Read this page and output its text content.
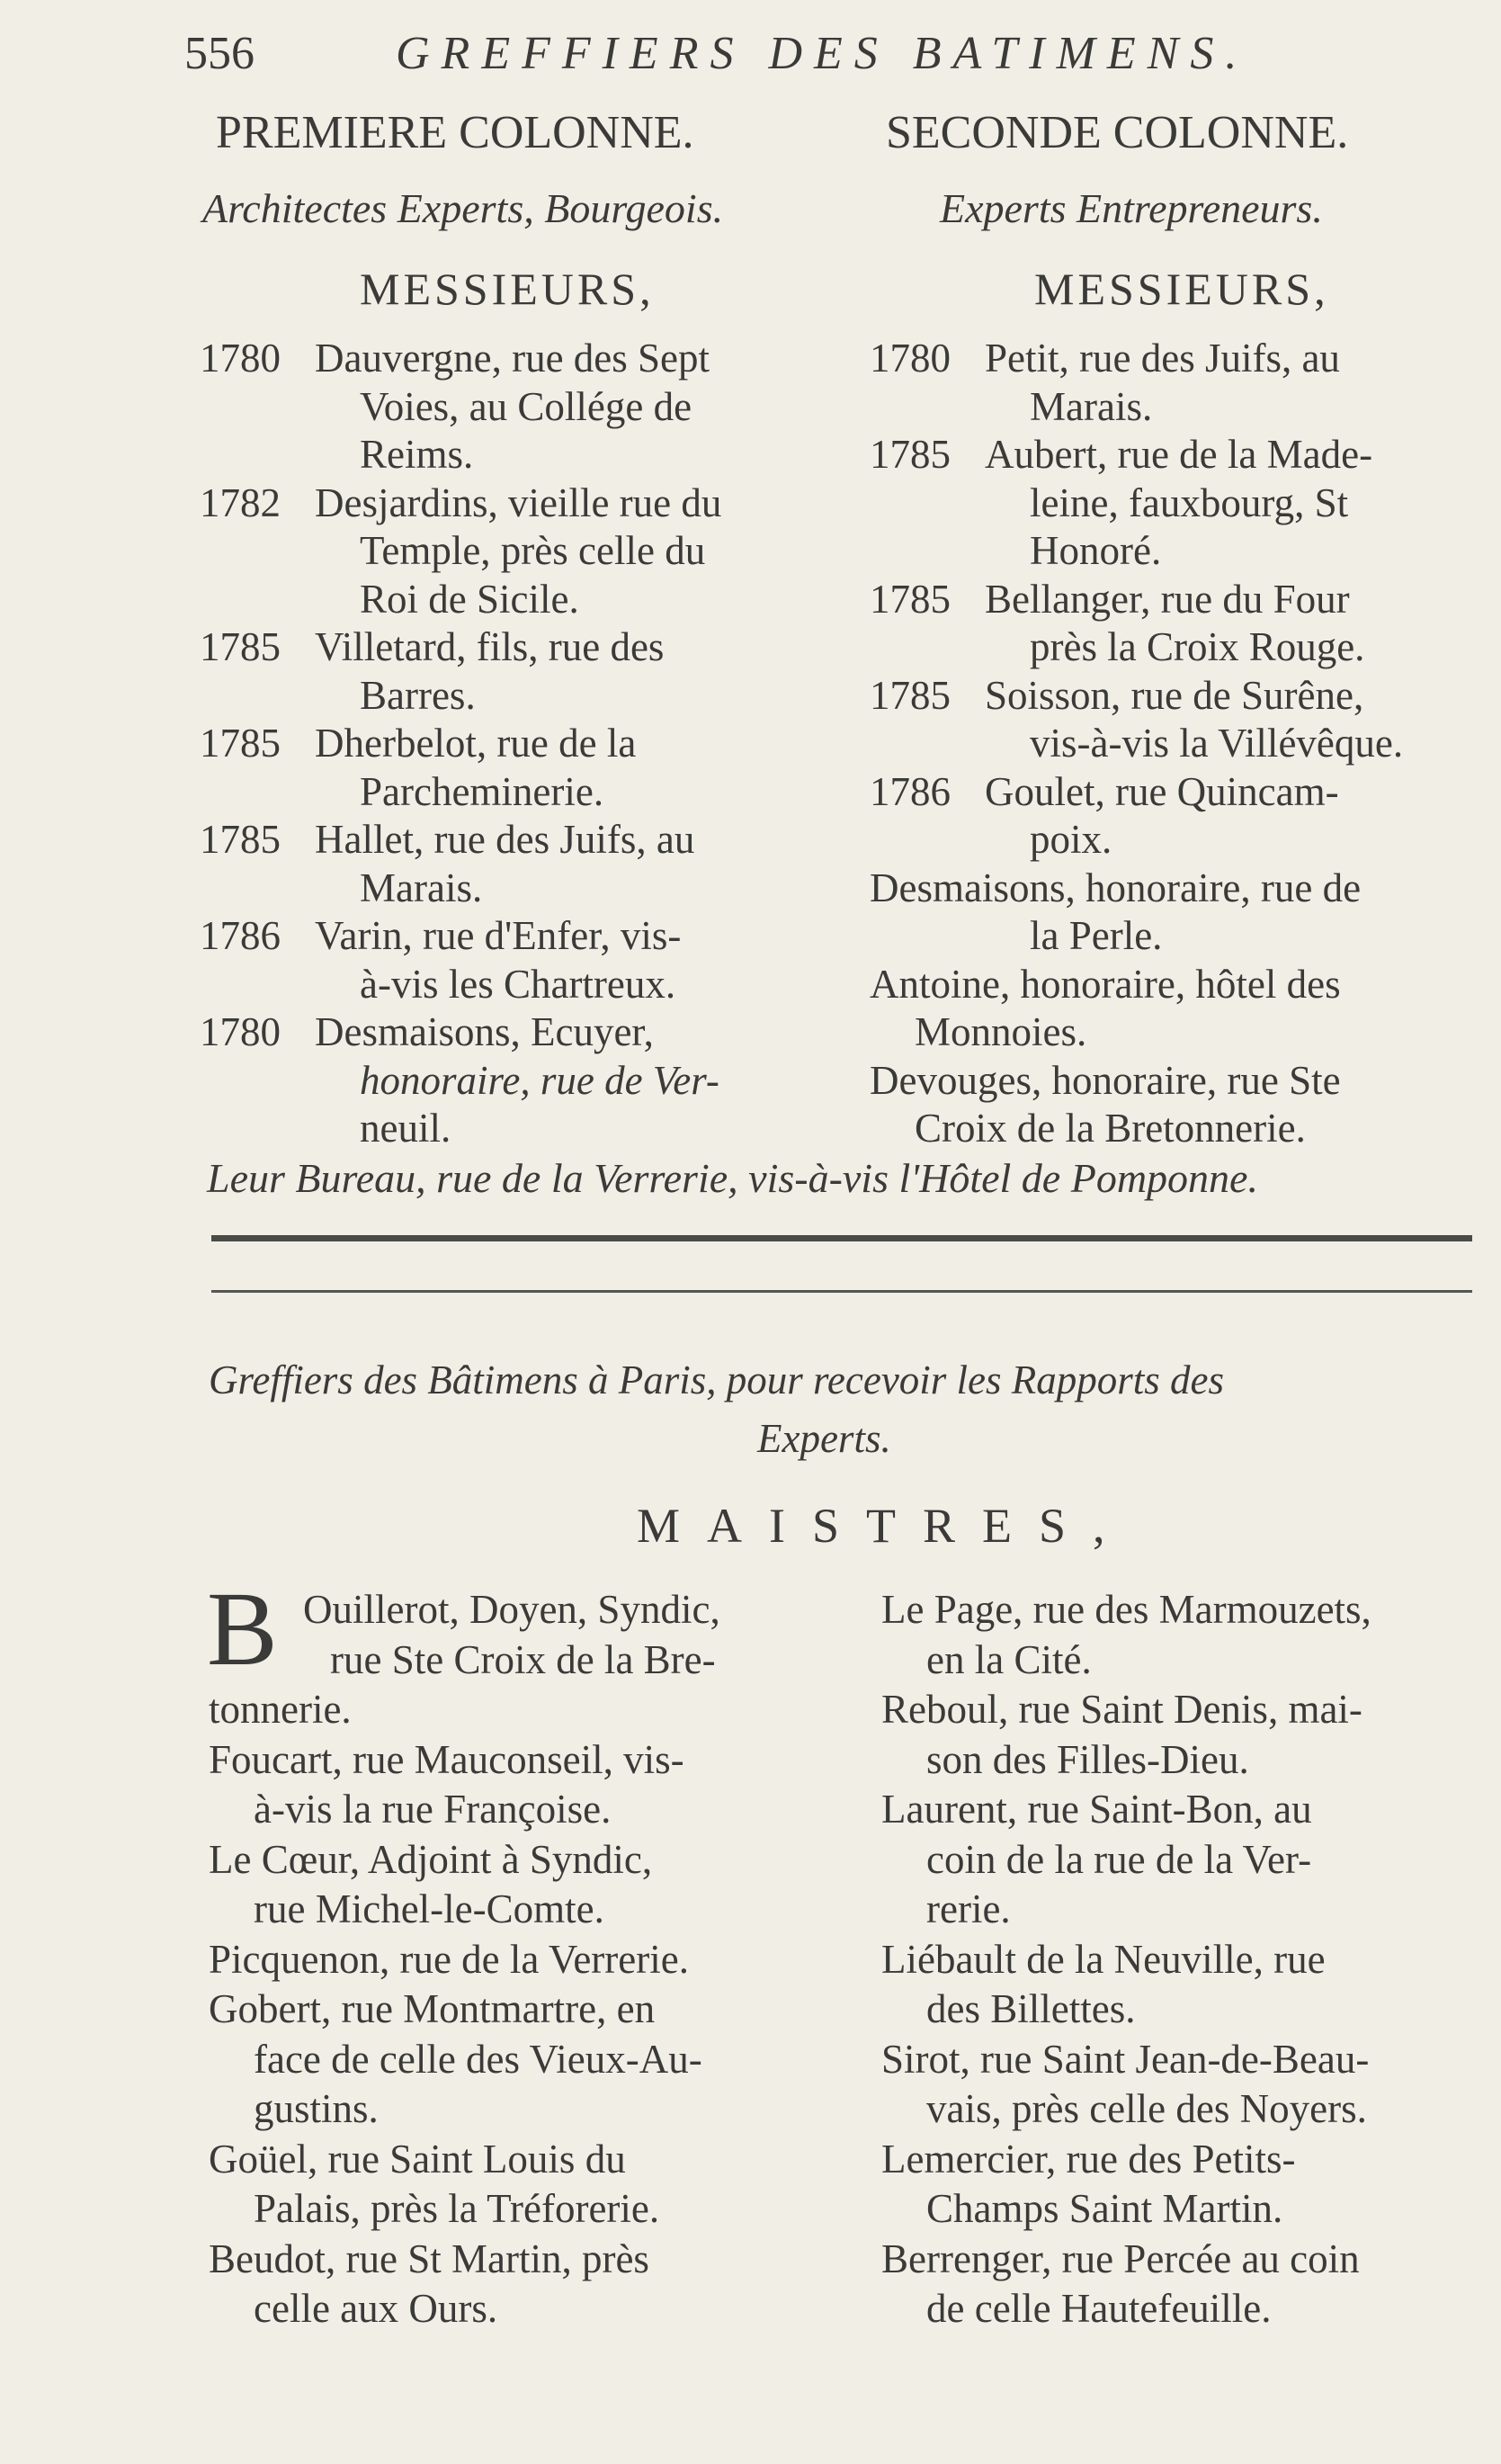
556	GREFFIERS DES BATIMENS.
PREMIERE COLONNE.	SECONDE COLONNE.
Architectes Experts, Bourgeois.	Experts Entrepreneurs.
MESSIEURS,	MESSIEURS,
1780 Dauvergne, rue des Sept
Voies, au Collége de
Reims.
1782 Desjardins, vieille rue du
Temple, près celle du
Roi de Sicile.
1785 Villetard, fils, rue des
Barres.
1785 Dherbelot, rue de la
Parcheminerie.
1785 Hallet, rue des Juifs, au
Marais.
1786 Varin, rue d'Enfer, vis-
à-vis les Chartreux.
1780 Desmaisons, Ecuyer,
honoraire, rue de Ver-
neuil.
1780 Petit, rue des Juifs, au
Marais.
1785 Aubert, rue de la Made-
leine, fauxbourg, St
Honoré.
1785 Bellanger, rue du Four
près la Croix Rouge.
1785 Soisson, rue de Surêne,
vis-à-vis la Villévêque.
1786 Goulet, rue Quincam-
poix.
Desmaisons, honoraire, rue de
la Perle.
Antoine, honoraire, hôtel des
Monnoies.
Devouges, honoraire, rue Ste
Croix de la Bretonnerie.
Leur Bureau, rue de la Verrerie, vis-à-vis l'Hôtel de Pomponne.
Greffiers des Bâtimens à Paris, pour recevoir les Rapports des
Experts.
MAISTRES,
B Ouillerot, Doyen, Syndic,
rue Ste Croix de la Bre-
tonnerie.
Foucart, rue Mauconseil, vis-
à-vis la rue Françoise.
Le Cœur, Adjoint à Syndic,
rue Michel-le-Comte.
Picquenon, rue de la Verrerie.
Gobert, rue Montmartre, en
face de celle des Vieux-Au-
gustins.
Goüel, rue Saint Louis du
Palais, près la Tréforerie.
Beudot, rue St Martin, près
celle aux Ours.
Le Page, rue des Marmouzets,
en la Cité.
Reboul, rue Saint Denis, mai-
son des Filles-Dieu.
Laurent, rue Saint-Bon, au
coin de la rue de la Ver-
rerie.
Liébault de la Neuville, rue
des Billettes.
Sirot, rue Saint Jean-de-Beau-
vais, près celle des Noyers.
Lemercier, rue des Petits-
Champs Saint Martin.
Berrenger, rue Percée au coin
de celle Hautefeuille.
